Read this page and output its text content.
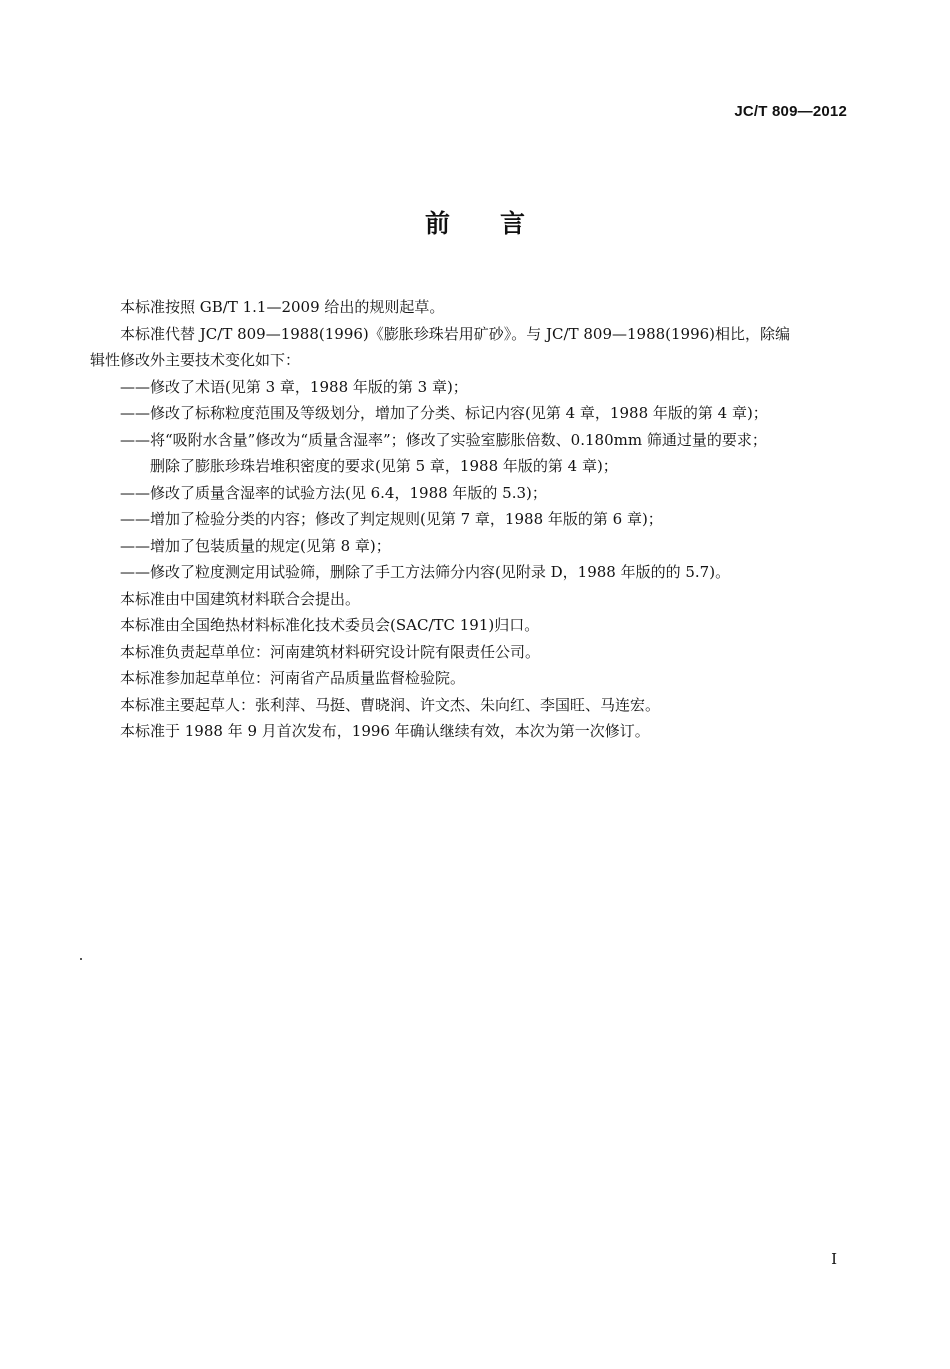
JC/T 809—2012
前言

本标准按照 GB/T 1.1—2009 给出的规则起草。

本标准代替 JC/T 809—1988(1996)《膨胀珍珠岩用矿砂》。与 JC/T 809—1988(1996)相比，除编

辑性修改外主要技术变化如下：

——修改了术语(见第 3 章，1988 年版的第 3 章)；

——修改了标称粒度范围及等级划分，增加了分类、标记内容(见第 4 章，1988 年版的第 4 章)；

——将“吸附水含量”修改为“质量含湿率”；修改了实验室膨胀倍数、0.180mm 筛通过量的要求；

删除了膨胀珍珠岩堆积密度的要求(见第 5 章，1988 年版的第 4 章)；

——修改了质量含湿率的试验方法(见 6.4，1988 年版的 5.3)；

——增加了检验分类的内容；修改了判定规则(见第 7 章，1988 年版的第 6 章)；

——增加了包装质量的规定(见第 8 章)；

——修改了粒度测定用试验筛，删除了手工方法筛分内容(见附录 D，1988 年版的的 5.7)。

本标准由中国建筑材料联合会提出。

本标准由全国绝热材料标准化技术委员会(SAC/TC 191)归口。

本标准负责起草单位：河南建筑材料研究设计院有限责任公司。

本标准参加起草单位：河南省产品质量监督检验院。

本标准主要起草人：张利萍、马挺、曹晓润、许文杰、朱向红、李国旺、马连宏。

本标准于 1988 年 9 月首次发布，1996 年确认继续有效，本次为第一次修订。

I
